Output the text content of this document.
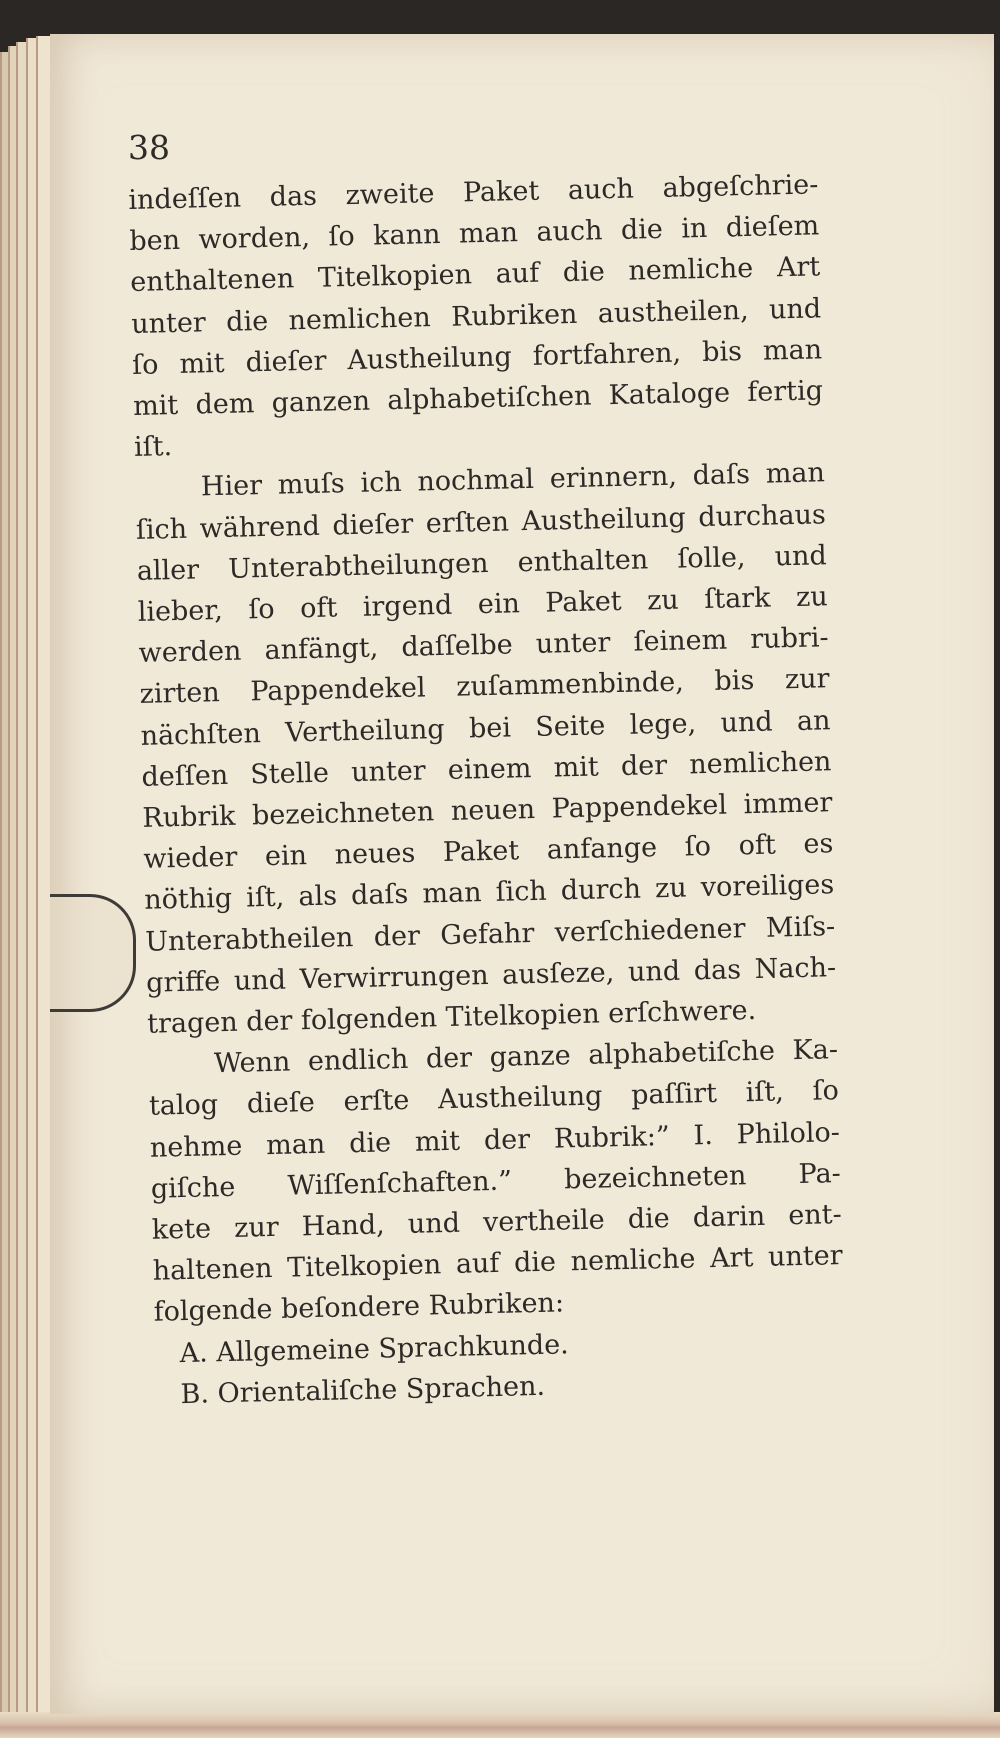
38
indeſſen das zweite Paket auch abgeſchrie-
ben worden, ſo kann man auch die in dieſem
enthaltenen Titelkopien auf die nemliche Art
unter die nemlichen Rubriken austheilen, und
ſo mit dieſer Austheilung fortfahren, bis man
mit dem ganzen alphabetiſchen Kataloge fertig
iſt.
Hier muſs ich nochmal erinnern, daſs man
ſich während dieſer erſten Austheilung durchaus
aller Unterabtheilungen enthalten ſolle, und
lieber, ſo oft irgend ein Paket zu ſtark zu
werden anfängt, daſſelbe unter ſeinem rubri-
zirten Pappendekel zuſammenbinde, bis zur
nächſten Vertheilung bei Seite lege, und an
deſſen Stelle unter einem mit der nemlichen
Rubrik bezeichneten neuen Pappendekel immer
wieder ein neues Paket anfange ſo oft es
nöthig iſt, als daſs man ſich durch zu voreiliges
Unterabtheilen der Gefahr verſchiedener Miſs-
griffe und Verwirrungen ausſeze, und das Nach-
tragen der folgenden Titelkopien erſchwere.
Wenn endlich der ganze alphabetiſche Ka-
talog dieſe erſte Austheilung paſſirt iſt, ſo
nehme man die mit der Rubrik:” I. Philolo-
giſche Wiſſenſchaften.” bezeichneten Pa-
kete zur Hand, und vertheile die darin ent-
haltenen Titelkopien auf die nemliche Art unter
folgende beſondere Rubriken:
A. Allgemeine Sprachkunde.
B. Orientaliſche Sprachen.
